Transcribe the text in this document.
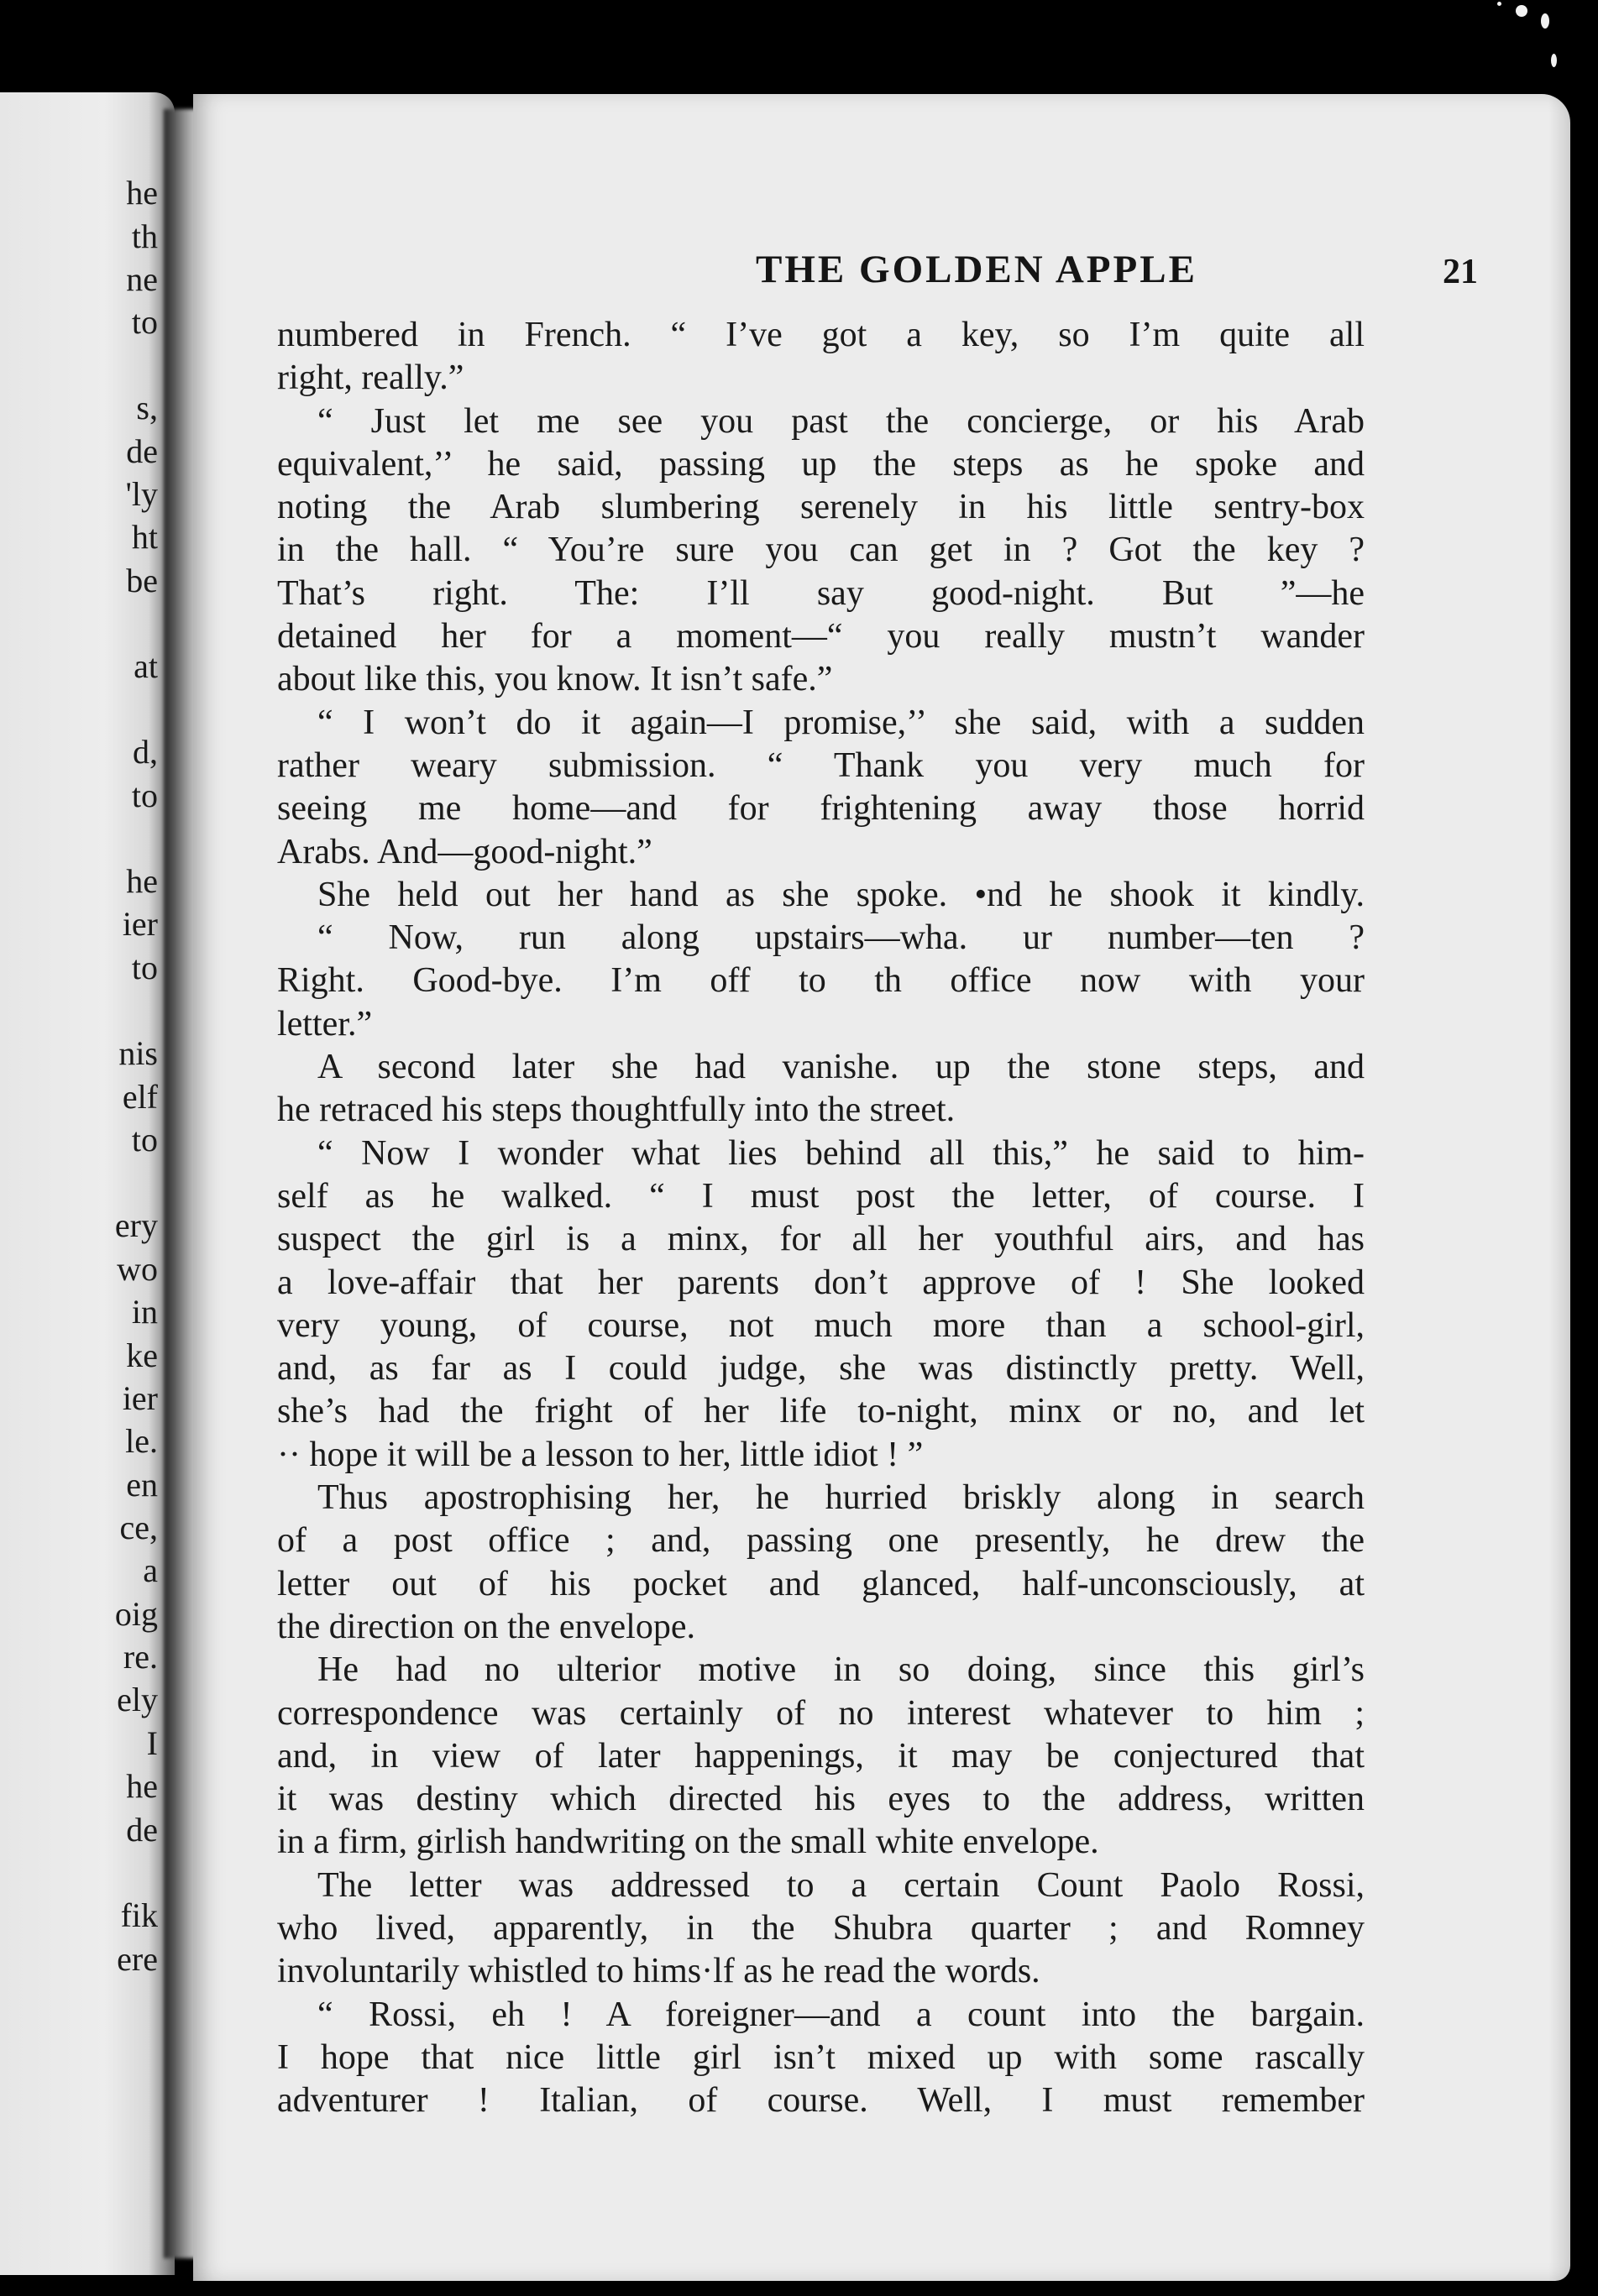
he
th
ne
to
s,
de
'ly
ht
be
at
d,
to
he
ier
to
nis
elf
to
ery
wo
in
ke
ier
le.
en
ce,
a
oig
re.
ely
I
he
de
fik
ere
THE GOLDEN APPLE	21
numbered in French. “ I’ve got a key, so I’m quite all
right, really.”
“ Just let me see you past the concierge, or his Arab
equivalent,’’ he said, passing up the steps as he spoke and
noting the Arab slumbering serenely in his little sentry-box
in the hall. “ You’re sure you can get in ? Got the key ?
That’s right. The: I’ll say good-night. But ”—he
detained her for a moment—“ you really mustn’t wander
about like this, you know. It isn’t safe.”
“ I won’t do it again—I promise,’’ she said, with a sudden
rather weary submission. “ Thank you very much for
seeing me home—and for frightening away those horrid
Arabs. And—good-night.”
She held out her hand as she spoke. •nd he shook it kindly.
“ Now, run along upstairs—wha. ur number—ten ?
Right. Good-bye. I’m off to th office now with your
letter.”
A second later she had vanishe. up the stone steps, and
he retraced his steps thoughtfully into the street.
“ Now I wonder what lies behind all this,” he said to him-
self as he walked. “ I must post the letter, of course. I
suspect the girl is a minx, for all her youthful airs, and has
a love-affair that her parents don’t approve of ! She looked
very young, of course, not much more than a school-girl,
and, as far as I could judge, she was distinctly pretty. Well,
she’s had the fright of her life to-night, minx or no, and let
·· hope it will be a lesson to her, little idiot ! ”
Thus apostrophising her, he hurried briskly along in search
of a post office ; and, passing one presently, he drew the
letter out of his pocket and glanced, half-unconsciously, at
the direction on the envelope.
He had no ulterior motive in so doing, since this girl’s
correspondence was certainly of no interest whatever to him ;
and, in view of later happenings, it may be conjectured that
it was destiny which directed his eyes to the address, written
in a firm, girlish handwriting on the small white envelope.
The letter was addressed to a certain Count Paolo Rossi,
who lived, apparently, in the Shubra quarter ; and Romney
involuntarily whistled to hims·lf as he read the words.
“ Rossi, eh ! A foreigner—and a count into the bargain.
I hope that nice little girl isn’t mixed up with some rascally
adventurer ! Italian, of course. Well, I must remember
